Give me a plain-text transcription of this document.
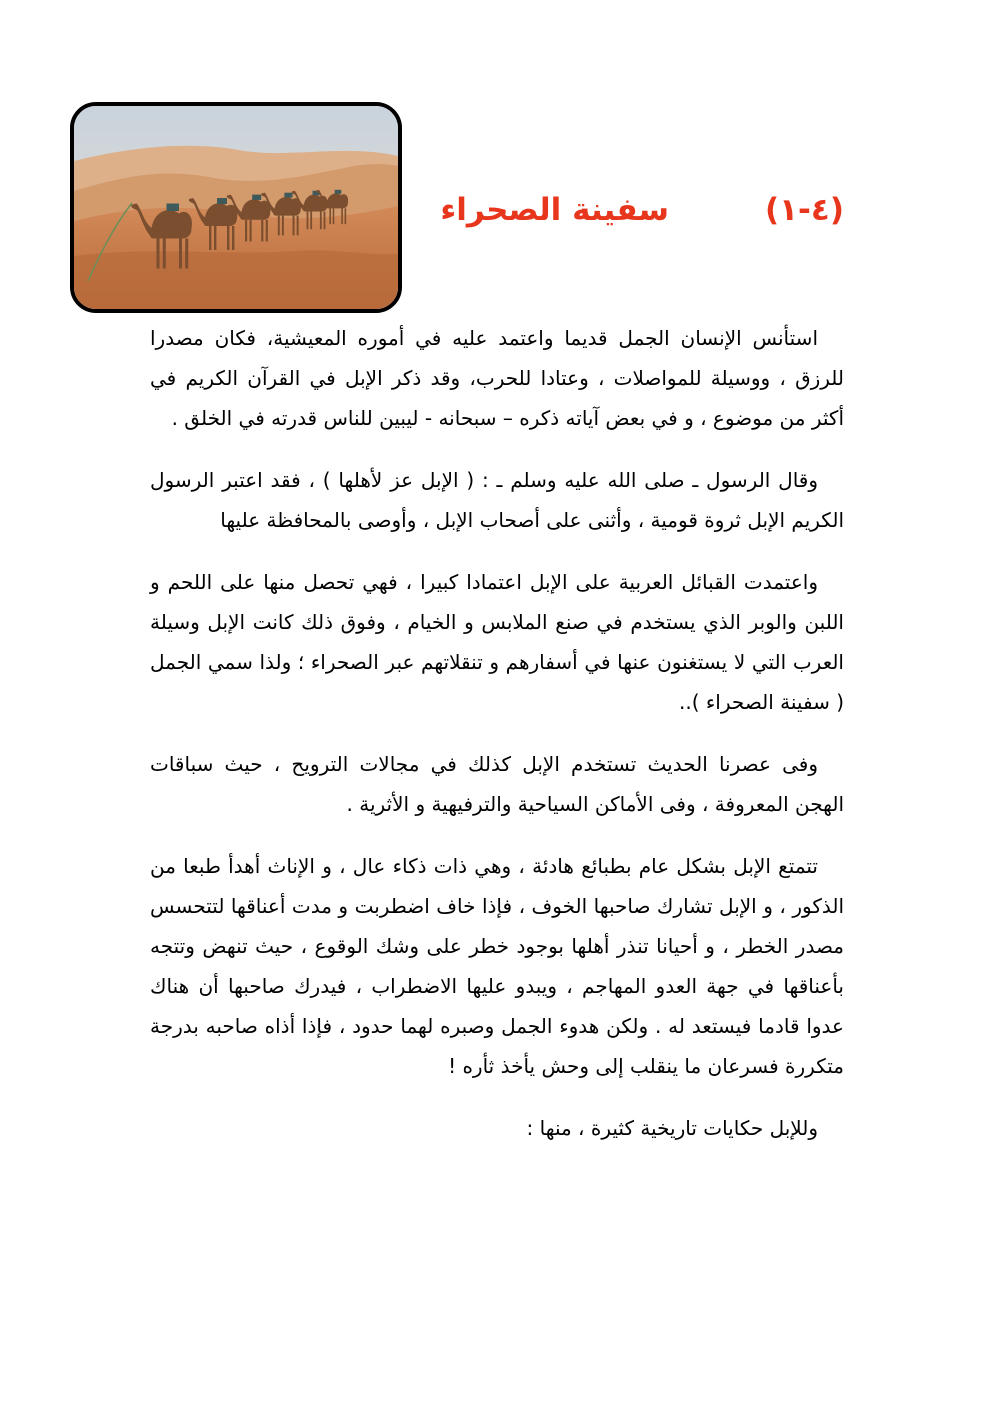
(٤-١)
سفينة الصحراء

استأنس الإنسان الجمل قديما واعتمد عليه في أموره المعيشية، فكان مصدرا للرزق ، ووسيلة للمواصلات ، وعتادا للحرب، وقد ذكر الإبل في القرآن الكريم في أكثر من موضوع ، و في بعض آياته ذكره – سبحانه - ليبين للناس قدرته في الخلق .

وقال الرسول ـ صلى الله عليه وسلم ـ : ( الإبل عز لأهلها ) ، فقد اعتبر الرسول الكريم الإبل ثروة قومية ، وأثنى على أصحاب الإبل ، وأوصى بالمحافظة عليها

واعتمدت القبائل العربية على الإبل اعتمادا كبيرا ، فهي تحصل منها على اللحم و اللبن والوبر الذي يستخدم في صنع الملابس و الخيام ، وفوق ذلك كانت الإبل وسيلة العرب التي لا يستغنون عنها في أسفارهم و تنقلاتهم عبر الصحراء ؛ ولذا سمي الجمل ( سفينة الصحراء )..

وفى عصرنا الحديث تستخدم الإبل كذلك في مجالات الترويح ، حيث سباقات الهجن المعروفة ، وفى الأماكن السياحية والترفيهية و الأثرية .

تتمتع الإبل بشكل عام بطبائع هادئة ، وهي ذات ذكاء عال ، و الإناث أهدأ طبعا من الذكور ، و الإبل تشارك صاحبها الخوف ، فإذا خاف اضطربت و مدت أعناقها لتتحسس مصدر الخطر ، و أحيانا تنذر أهلها بوجود خطر على وشك الوقوع ، حيث تنهض وتتجه بأعناقها في جهة العدو المهاجم ، ويبدو عليها الاضطراب ، فيدرك صاحبها أن هناك عدوا قادما فيستعد له . ولكن هدوء الجمل وصبره لهما حدود ، فإذا أذاه صاحبه بدرجة متكررة فسرعان ما ينقلب إلى وحش يأخذ ثأره !

وللإبل حكايات تاريخية كثيرة ، منها :
